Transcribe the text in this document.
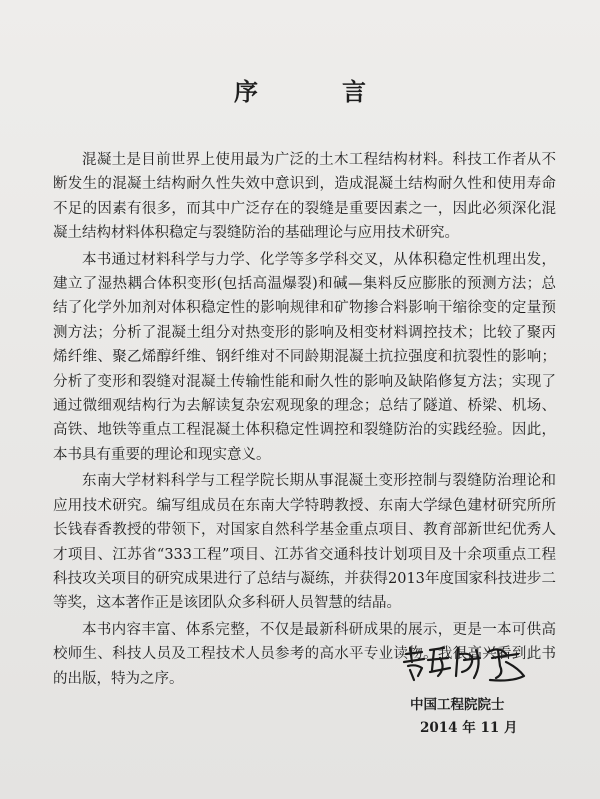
序　言

混凝土是目前世界上使用最为广泛的土木工程结构材料。科技工作者从不断发生的混凝土结构耐久性失效中意识到，造成混凝土结构耐久性和使用寿命不足的因素有很多，而其中广泛存在的裂缝是重要因素之一，因此必须深化混凝土结构材料体积稳定与裂缝防治的基础理论与应用技术研究。

本书通过材料科学与力学、化学等多学科交叉，从体积稳定性机理出发，建立了湿热耦合体积变形(包括高温爆裂)和碱—集料反应膨胀的预测方法；总结了化学外加剂对体积稳定性的影响规律和矿物掺合料影响干缩徐变的定量预测方法；分析了混凝土组分对热变形的影响及相变材料调控技术；比较了聚丙烯纤维、聚乙烯醇纤维、钢纤维对不同龄期混凝土抗拉强度和抗裂性的影响；分析了变形和裂缝对混凝土传输性能和耐久性的影响及缺陷修复方法；实现了通过微细观结构行为去解读复杂宏观现象的理念；总结了隧道、桥梁、机场、高铁、地铁等重点工程混凝土体积稳定性调控和裂缝防治的实践经验。因此，本书具有重要的理论和现实意义。

东南大学材料科学与工程学院长期从事混凝土变形控制与裂缝防治理论和应用技术研究。编写组成员在东南大学特聘教授、东南大学绿色建材研究所所长钱春香教授的带领下，对国家自然科学基金重点项目、教育部新世纪优秀人才项目、江苏省“333工程”项目、江苏省交通科技计划项目及十余项重点工程科技攻关项目的研究成果进行了总结与凝练，并获得2013年度国家科技进步二等奖，这本著作正是该团队众多科研人员智慧的结晶。

本书内容丰富、体系完整，不仅是最新科研成果的展示，更是一本可供高校师生、科技人员及工程技术人员参考的高水平专业读物。我很高兴看到此书的出版，特为之序。

中国工程院院士
2014 年 11 月
